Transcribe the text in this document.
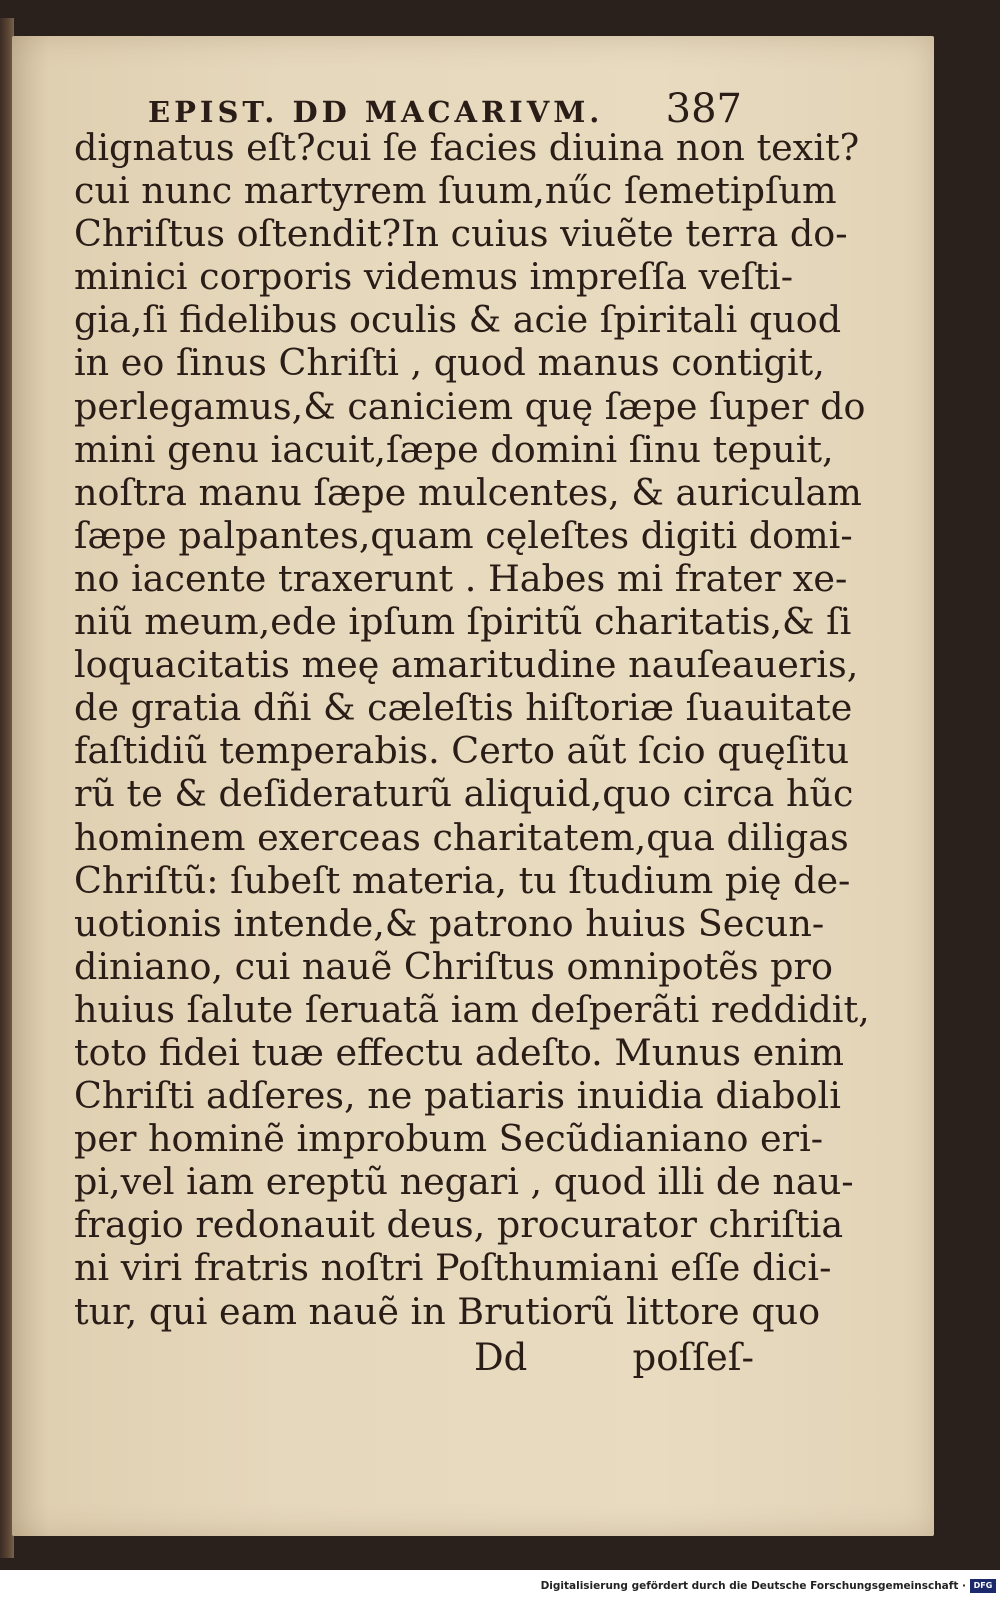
EPIST. DD MACARIVM. 387
dignatus eſt?cui ſe facies diuina non texit?
cui nunc martyrem ſuum,nűc ſemetipſum
Chriſtus oſtendit?In cuius viuẽte terra do-
minici corporis videmus impreſſa veſti-
gia,ſi fidelibus oculis & acie ſpiritali quod
in eo ſinus Chriſti , quod manus contigit,
perlegamus,& caniciem quę ſæpe ſuper do
mini genu iacuit,ſæpe domini ſinu tepuit,
noſtra manu ſæpe mulcentes, & auriculam
ſæpe palpantes,quam cęleſtes digiti domi-
no iacente traxerunt . Habes mi frater xe-
niũ meum,ede ipſum ſpiritũ charitatis,& ſi
loquacitatis meę amaritudine nauſeaueris,
de gratia dñi & cæleſtis hiſtoriæ ſuauitate
faſtidiũ temperabis. Certo aũt ſcio quęſitu
rũ te & deſideraturũ aliquid,quo circa hũc
hominem exerceas charitatem,qua diligas
Chriſtũ: ſubeſt materia, tu ſtudium pię de-
uotionis intende,& patrono huius Secun-
diniano, cui nauẽ Chriſtus omnipotẽs pro
huius ſalute ſeruatã iam deſperãti reddidit,
toto fidei tuæ effectu adeſto. Munus enim
Chriſti adſeres, ne patiaris inuidia diaboli
per hominẽ improbum Secũdianiano eri-
pi,vel iam ereptũ negari , quod illi de nau-
fragio redonauit deus, procurator chriſtia
ni viri fratris noſtri Poſthumiani eſſe dici-
tur, qui eam nauẽ in Brutiorũ littore quo
Dd	poſſeſ-
Digitalisierung gefördert durch die Deutsche Forschungsgemeinschaft · DFG
